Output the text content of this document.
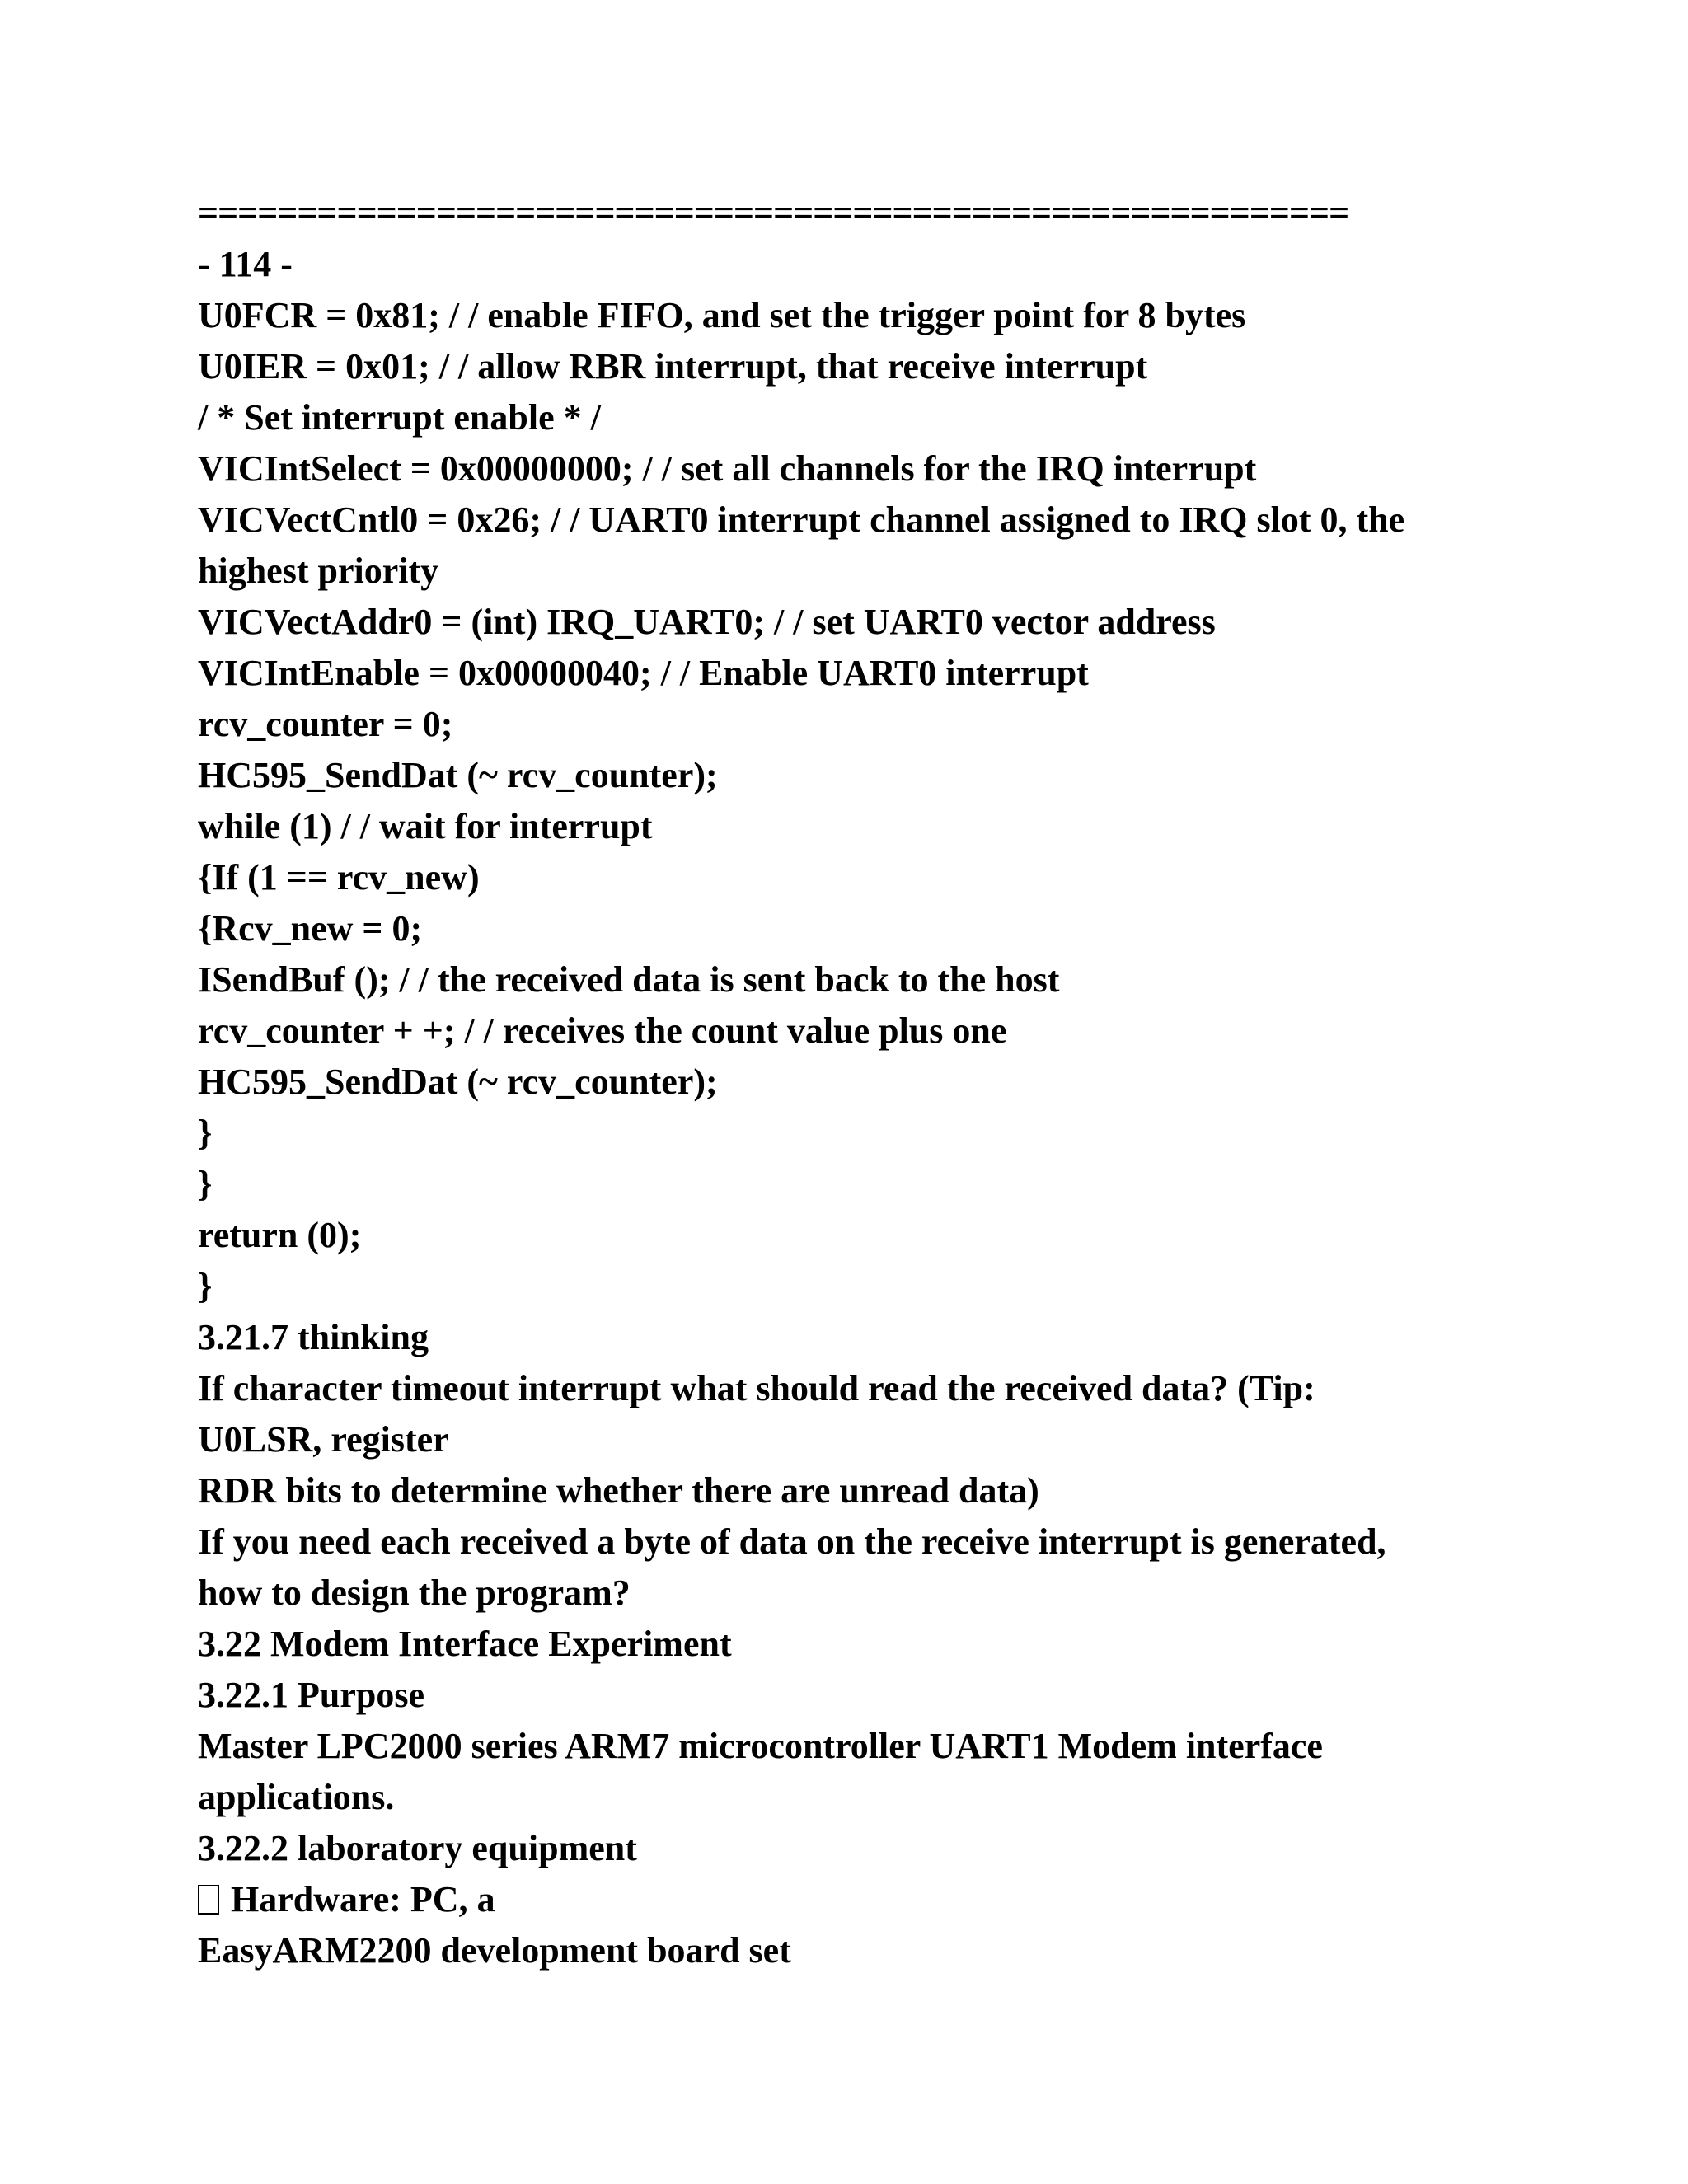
==========================================================
- 114 -
U0FCR = 0x81; / / enable FIFO, and set the trigger point for 8 bytes
U0IER = 0x01; / / allow RBR interrupt, that receive interrupt
/ * Set interrupt enable * /
VICIntSelect = 0x00000000; / / set all channels for the IRQ interrupt
VICVectCntl0 = 0x26; / / UART0 interrupt channel assigned to IRQ slot 0, the
highest priority
VICVectAddr0 = (int) IRQ_UART0; / / set UART0 vector address
VICIntEnable = 0x00000040; / / Enable UART0 interrupt
rcv_counter = 0;
HC595_SendDat (~ rcv_counter);
while (1) / / wait for interrupt
{If (1 == rcv_new)
{Rcv_new = 0;
ISendBuf (); / / the received data is sent back to the host
rcv_counter + +; / / receives the count value plus one
HC595_SendDat (~ rcv_counter);
}
}
return (0);
}
3.21.7 thinking
If character timeout interrupt what should read the received data? (Tip:
U0LSR, register
RDR bits to determine whether there are unread data)
If you need each received a byte of data on the receive interrupt is generated,
how to design the program?
3.22 Modem Interface Experiment
3.22.1 Purpose
Master LPC2000 series ARM7 microcontroller UART1 Modem interface
applications.
3.22.2 laboratory equipment
Hardware: PC, a
EasyARM2200 development board set
